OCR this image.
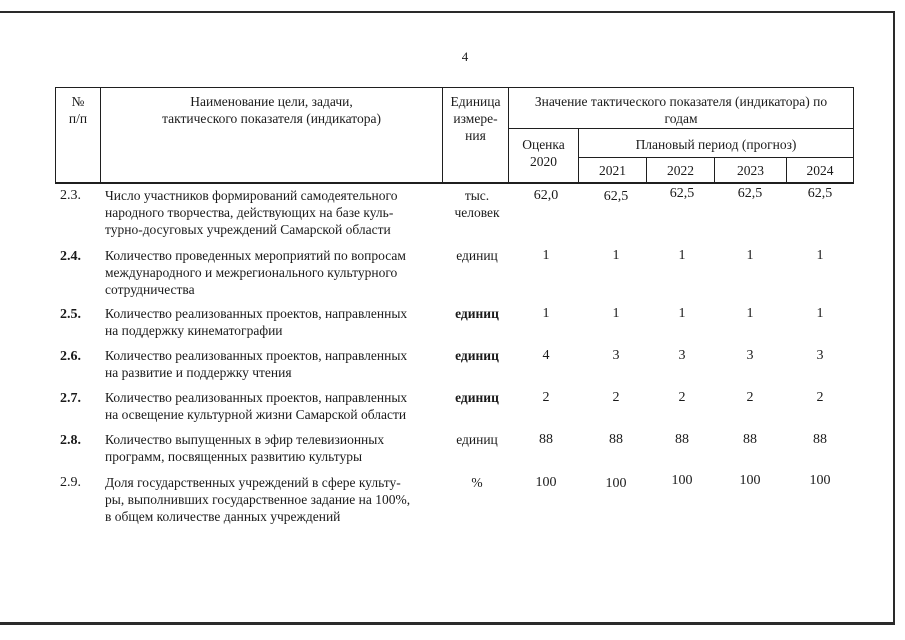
4
№
п/п
Наименование цели, задачи,
тактического показателя (индикатора)
Единица
измере-
ния
Значение тактического показателя (индикатора) по
годам
Оценка
2020
Плановый период (прогноз)
2021	2022	2023	2024
2.3.	Число участников формирований самодеятельного
народного творчества, действующих на базе куль-
турно-досуговых учреждений Самарской области
тыс.
человек
62,0	62,5	62,5	62,5	62,5
2.4.	Количество проведенных мероприятий по вопросам
международного и межрегионального культурного
сотрудничества
единиц	1	1	1	1	1
2.5.	Количество реализованных проектов, направленных
на поддержку кинематографии
единиц	1	1	1	1	1
2.6.	Количество реализованных проектов, направленных
на развитие и поддержку чтения
единиц	4	3	3	3	3
2.7.	Количество реализованных проектов, направленных
на освещение культурной жизни Самарской области
единиц	2	2	2	2	2
2.8.	Количество выпущенных в эфир телевизионных
программ, посвященных развитию культуры
единиц	88	88	88	88	88
2.9.	Доля государственных учреждений в сфере культу-
ры, выполнивших государственное задание на 100%,
в общем количестве данных учреждений
%	100	100	100	100	100
